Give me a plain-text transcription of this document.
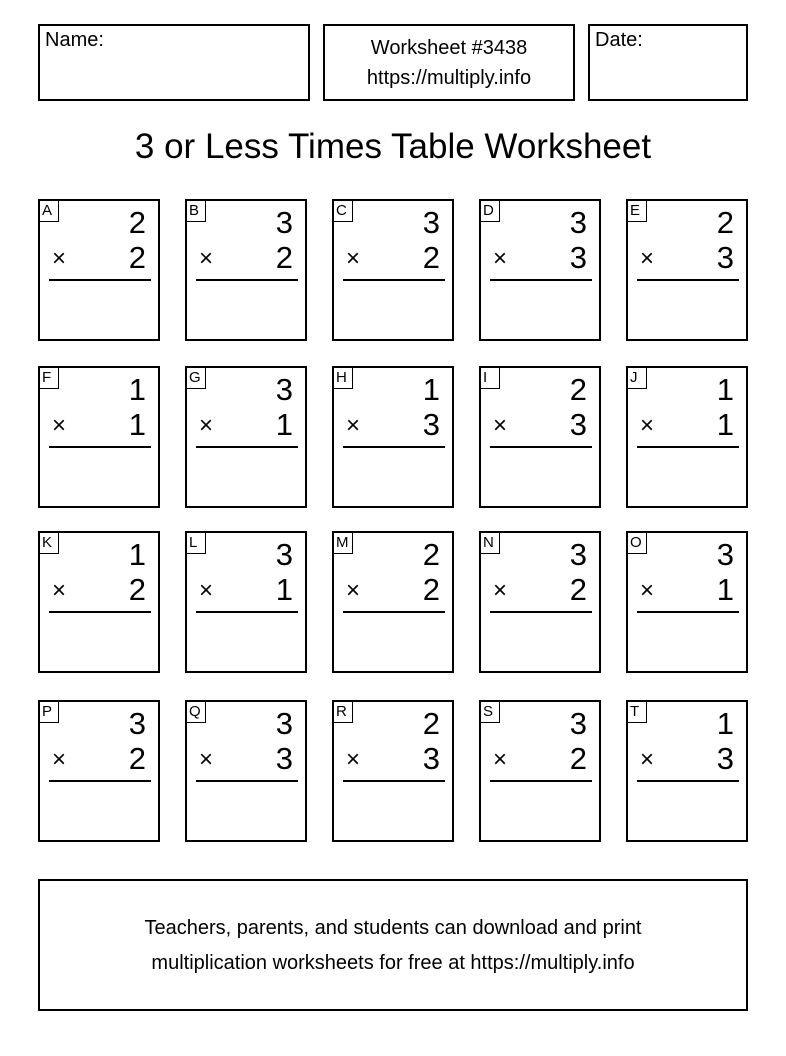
Name:	Worksheet #3438
https://multiply.info
Date:
3 or Less Times Table Worksheet
A 2
× 2
B 3
× 2
C 3
× 2
D 3
× 3
E 2
× 3
F	1
× 1
G 3
× 1
H 1
× 3
I	2
× 3
J	1
× 1
K 1
× 2
L	3
× 1
M 2
× 2
N 3
× 2
O 3
× 1
P 3
× 2
Q 3
× 3
R 2
× 3
S 3
× 2
T	1
× 3
Teachers, parents, and students can download and print
multiplication worksheets for free at https://multiply.info
